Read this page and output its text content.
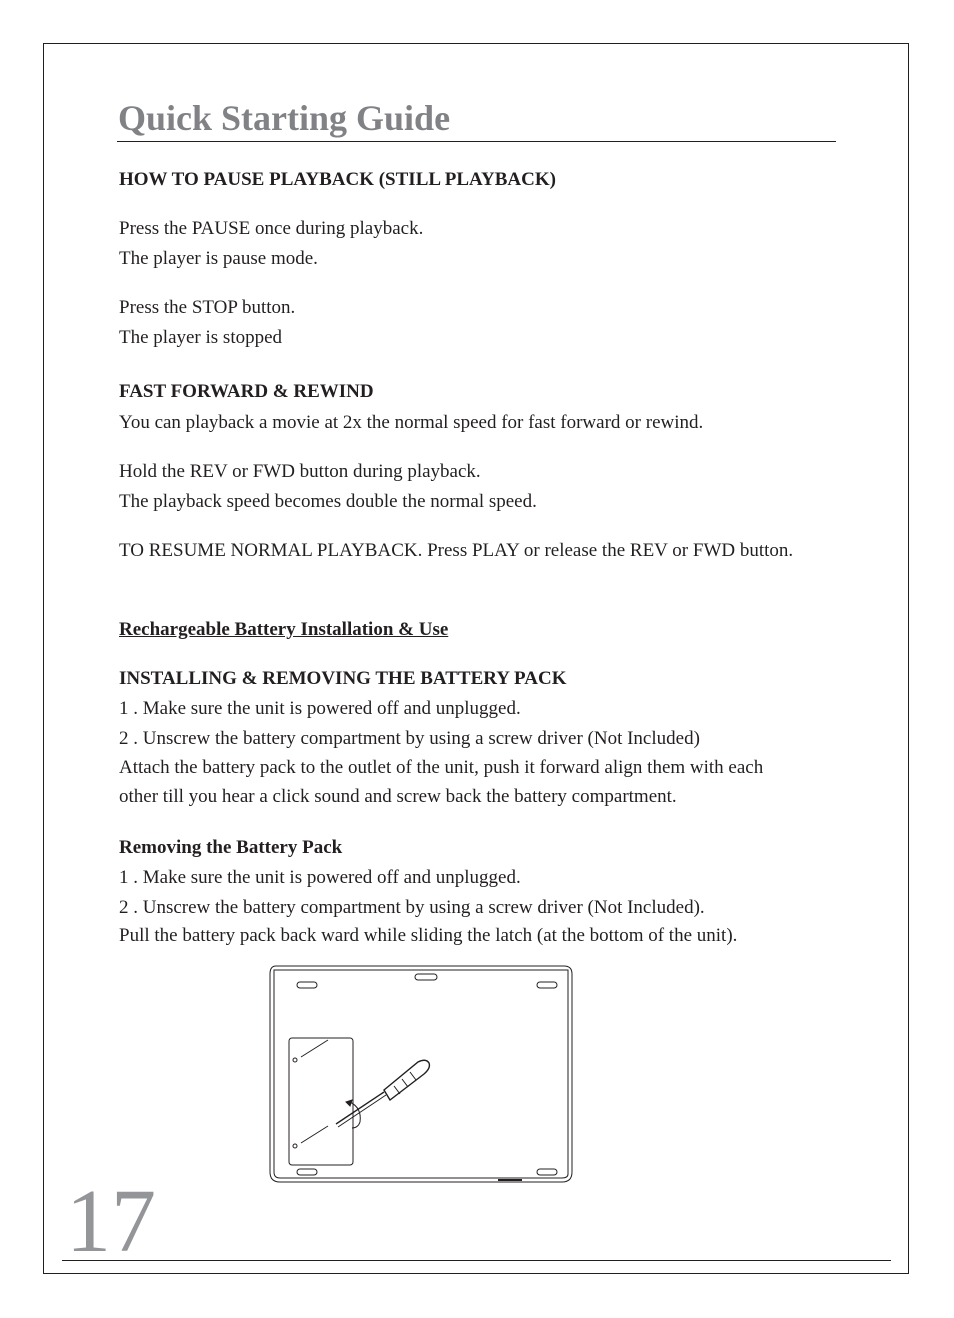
Quick Starting Guide
HOW TO PAUSE PLAYBACK (STILL PLAYBACK)
Press the PAUSE once during playback.
The player is pause mode.
Press the STOP button.
The player is stopped
FAST FORWARD & REWIND
You can playback a movie at 2x the normal speed for fast forward or rewind.
Hold the REV or FWD button during playback.
The playback speed becomes double the normal speed.
TO RESUME NORMAL PLAYBACK. Press PLAY or release the REV or FWD button.
Rechargeable Battery Installation & Use
INSTALLING & REMOVING THE BATTERY PACK
1 . Make sure the unit is powered off and unplugged.
2 . Unscrew the battery compartment by using a screw driver (Not Included)
Attach the battery pack to the outlet of the unit, push it forward align them with each
other till you hear a click sound and screw back the battery compartment.
Removing the Battery Pack
1 . Make sure the unit is powered off and unplugged.
2 . Unscrew the battery compartment by using a screw driver (Not Included).
Pull the battery pack back ward while sliding the latch (at the bottom of the unit).
17
